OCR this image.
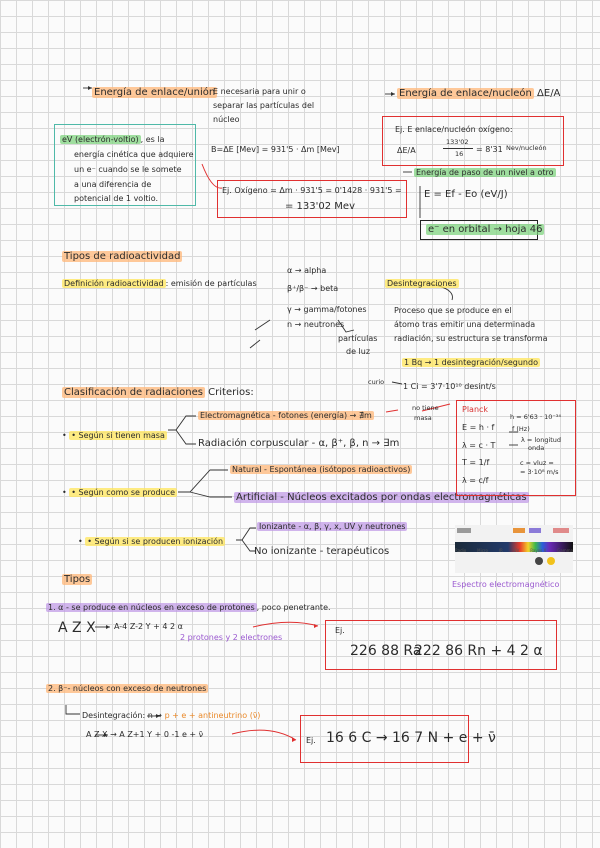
Energía de enlace/unión
E necesaria para unir o
separar las partículas del
núcleo
B=ΔE [Mev] = 931'5 · Δm [Mev]
Ej. Oxígeno = Δm · 931'5 = 0'1428 · 931'5 =
= 133'02 Mev
eV (electrón-voltio) , es la
energía cinética que adquiere
un e⁻ cuando se le somete
a una diferencia de
potencial de 1 voltio.
Energía de enlace/nucleón ΔE/A
Ej. E enlace/nucleón oxígeno:
ΔE/A
133'02
16 = 8'31 Nev/nucleón
Energía de paso de un nivel a otro
E = Ef - Eo (eV/J)
e⁻ en orbital → hoja 46
Tipos de radioactividad
Definición radioactividad : emisión de partículas
α → alpha
β⁺/β⁻ → beta
γ → gamma/fotones
n → neutrones
partículas
de luz
Desintegraciones
Proceso que se produce en el
átomo tras emitir una determinada
radiación, su estructura se transforma
1 Bq → 1 desintegración/segundo
curio 1 Ci = 3'7·10¹⁰ desint/s
Clasificación de radiaciones Criterios:
• • Según si tienen masa
Electromagnética - fotones (energía) → ∄m
no tiene
masa
Radiación corpuscular - α, β⁺, β, n → ∃m
• • Según como se produce
Natural - Espontánea (isótopos radioactivos)
Artificial - Núcleos excitados por ondas electromagnéticas
• • Según si se producen ionización
Ionizante - α, β, γ, x, UV y neutrones
No ionizante - terapéuticos
Planck
E = h · f
λ = c · T
T = 1/f
λ = c/f
h = 6'63 · 10⁻³⁴
f (Hz)
λ = longitud
onda
c = vluz =
= 3·10⁸ m/s
Radio	Micro	IR	UV	Rayos X	Gamma
Espectro electromagnético
Tipos
1. α - se produce en núcleos en exceso de protones , poco penetrante.
A Z X A-4 Z-2 Y + 4 2 α
2 protones y 2 electrones
Ej.
226 88 Ra
222 86 Rn + 4 2 α
2. β⁻- núcleos con exceso de neutrones
Desintegración: n → p + e + antineutrino (ν̄)
A Z X → A Z+1 Y + 0 -1 e + ν̄
Ej. 16 6 C → 16 7 N + e + ν̄
